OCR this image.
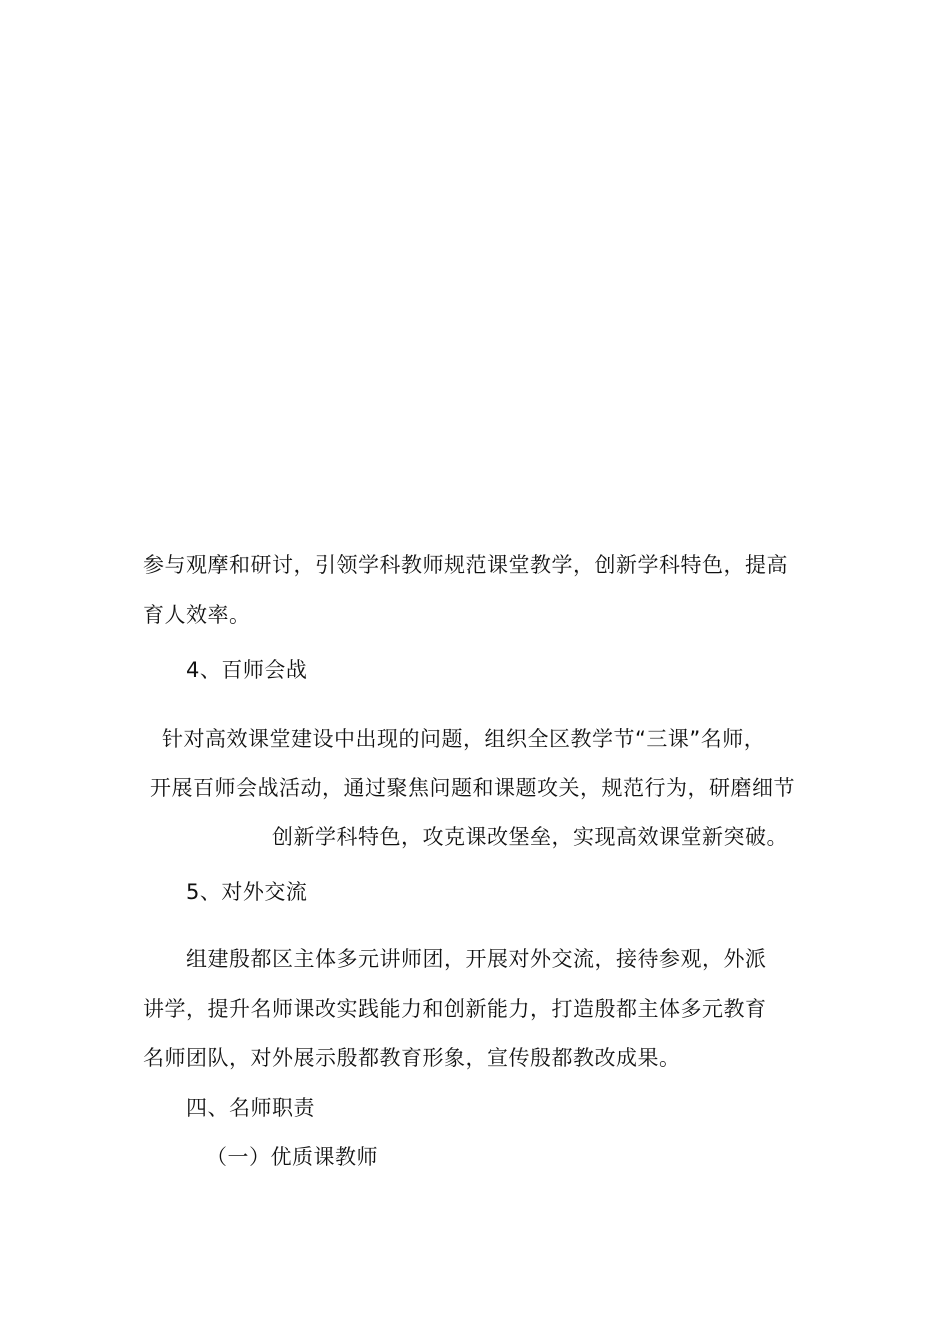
参与观摩和研讨，引领学科教师规范课堂教学，创新学科特色，提高
育人效率。
4、百师会战
针对高效课堂建设中出现的问题，组织全区教学节“三课”名师，
开展百师会战活动，通过聚焦问题和课题攻关，规范行为，研磨细节
创新学科特色，攻克课改堡垒，实现高效课堂新突破。
5、对外交流
组建殷都区主体多元讲师团，开展对外交流，接待参观，外派
讲学，提升名师课改实践能力和创新能力，打造殷都主体多元教育
名师团队，对外展示殷都教育形象，宣传殷都教改成果。
四、名师职责
（一）优质课教师
